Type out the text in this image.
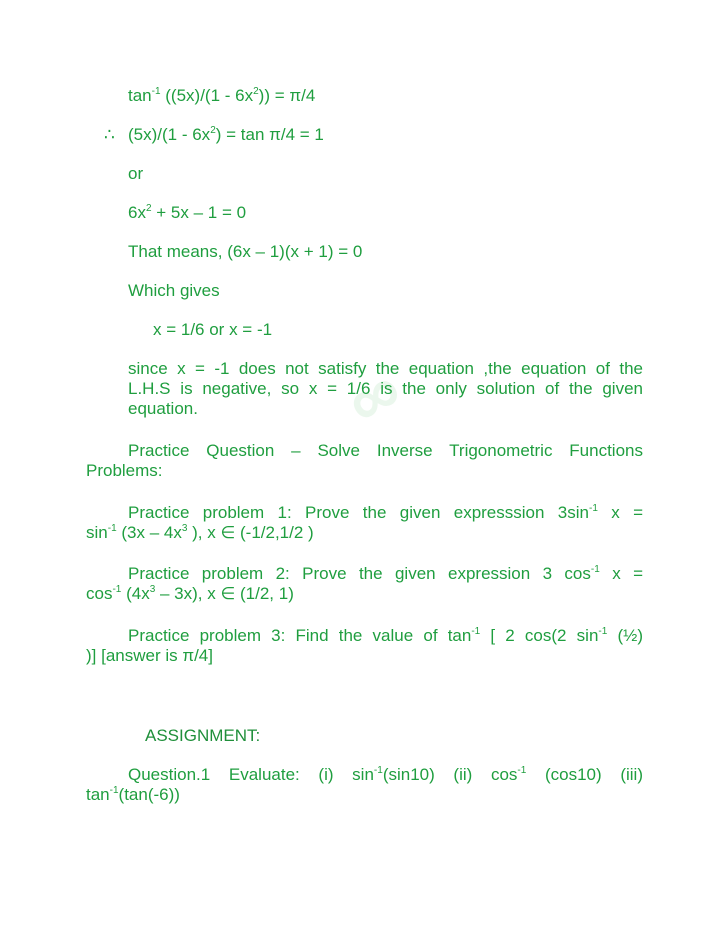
∞
$\tan^{-1} ((5x)/(1 - 6x^2)) = \pi/4$
∴ $(5x)/(1 - 6x^2) = \tan \pi/4 = 1$
or
$6x^2 + 5x - 1 = 0$
That means, (6x – 1)(x + 1) = 0
Which gives
x = 1/6 or x = -1
since x = -1 does not satisfy the equation ,the equation of the
L.H.S is negative, so x = 1/6 is the only solution of the given
equation.
Practice Question – Solve Inverse Trigonometric Functions
Problems:
Practice problem 1: Prove the given expresssion $3\sin^{-1}$ x =
$\sin^{-1} (3x - 4x^3$ ), x ∈ (-1/2,1/2 )
Practice problem 2: Prove the given expression 3 $\cos^{-1} x$ =
$\cos^{-1} (4x^3 - 3x)$, x ∈ (1/2, 1)
Practice problem 3: Find the value of $\tan^{-1}$ [ 2 cos(2 $\sin^{-1}$ (½)
)] [answer is π/4]
ASSIGNMENT:
Question.1 Evaluate: (i) $\sin^{-1}(\sin 10)$ (ii) $\cos^{-1} (\cos 10)$ (iii)
$\tan^{-1}(\tan(-6))$
